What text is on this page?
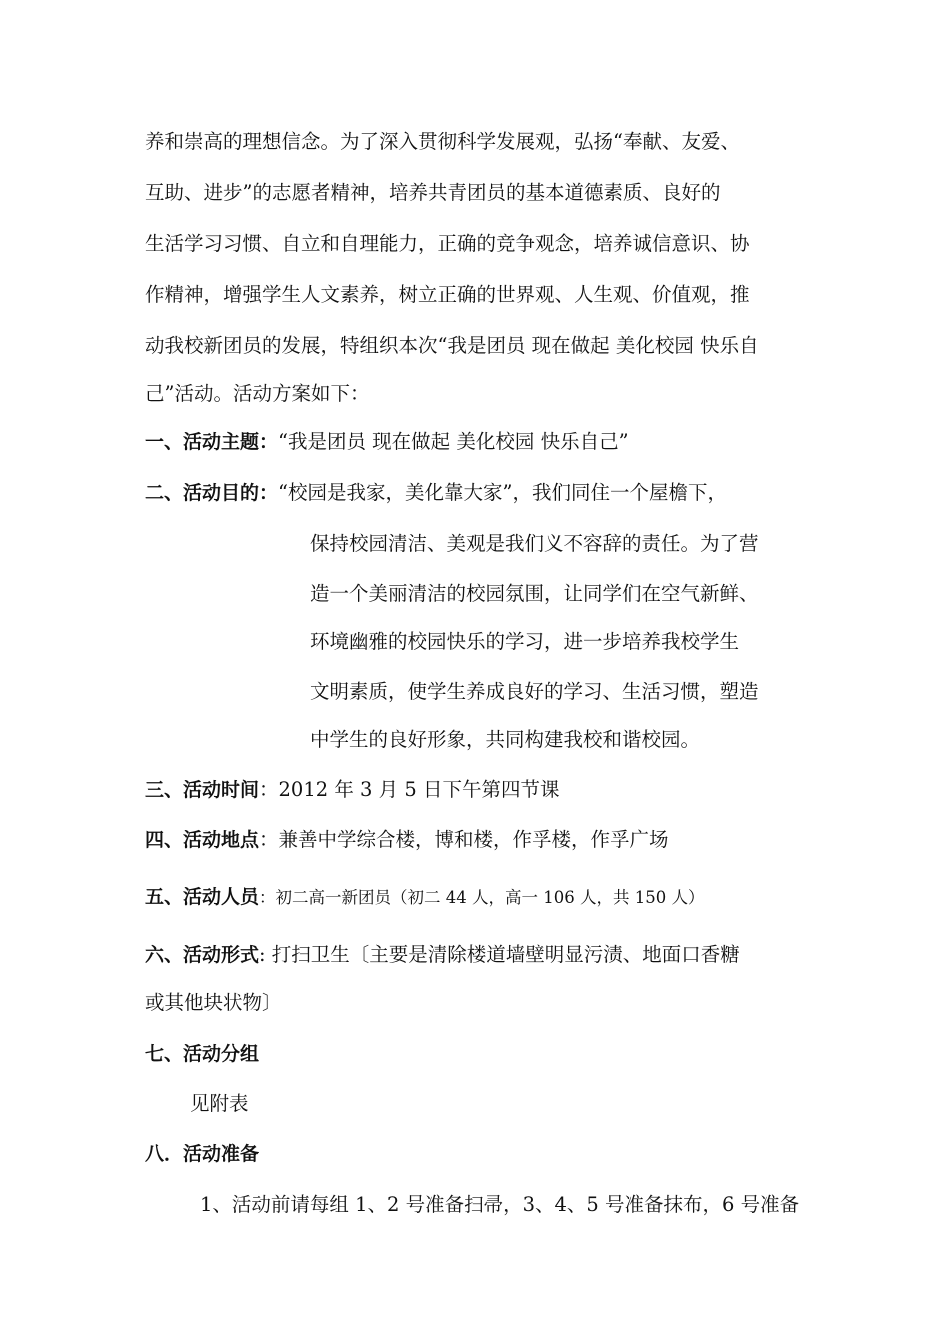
养和崇高的理想信念。为了深入贯彻科学发展观，弘扬“奉献、友爱、
互助、进步”的志愿者精神，培养共青团员的基本道德素质、良好的
生活学习习惯、自立和自理能力，正确的竞争观念，培养诚信意识、协
作精神，增强学生人文素养，树立正确的世界观、人生观、价值观，推
动我校新团员的发展，特组织本次“我是团员 现在做起 美化校园 快乐自
己”活动。活动方案如下：
一、活动主题：“我是团员 现在做起 美化校园 快乐自己”
二、活动目的：“校园是我家，美化靠大家”，我们同住一个屋檐下，
保持校园清洁、美观是我们义不容辞的责任。为了营
造一个美丽清洁的校园氛围，让同学们在空气新鲜、
环境幽雅的校园快乐的学习，进一步培养我校学生
文明素质，使学生养成良好的学习、生活习惯，塑造
中学生的良好形象，共同构建我校和谐校园。
三、活动时间：2012 年 3 月 5 日下午第四节课
四、活动地点：兼善中学综合楼，博和楼，作孚楼，作孚广场
五、活动人员：初二高一新团员（初二 44 人，高一 106 人，共 150 人）
六、活动形式: 打扫卫生〔主要是清除楼道墙壁明显污渍、地面口香糖
或其他块状物〕
七、活动分组
见附表
八．活动准备
1、活动前请每组 1、2 号准备扫帚，3、4、5 号准备抹布，6 号准备
